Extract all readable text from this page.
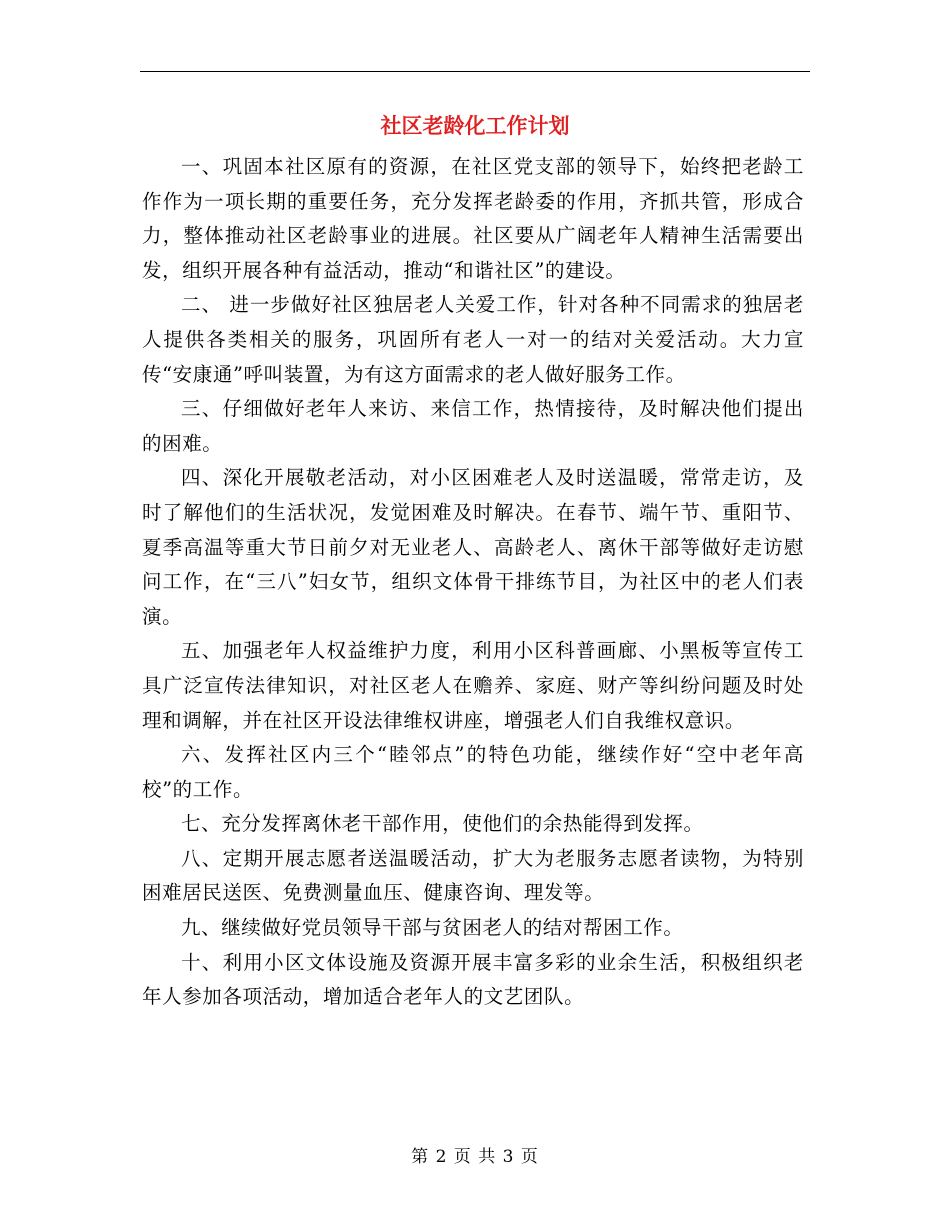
社区老龄化工作计划

一、巩固本社区原有的资源，在社区党支部的领导下，始终把老龄工作作为一项长期的重要任务，充分发挥老龄委的作用，齐抓共管，形成合力，整体推动社区老龄事业的进展。社区要从广阔老年人精神生活需要出发，组织开展各种有益活动，推动“和谐社区”的建设。

二、 进一步做好社区独居老人关爱工作，针对各种不同需求的独居老人提供各类相关的服务，巩固所有老人一对一的结对关爱活动。大力宣传“安康通”呼叫装置，为有这方面需求的老人做好服务工作。

三、仔细做好老年人来访、来信工作，热情接待，及时解决他们提出的困难。

四、深化开展敬老活动，对小区困难老人及时送温暖，常常走访，及时了解他们的生活状况，发觉困难及时解决。在春节、端午节、重阳节、夏季高温等重大节日前夕对无业老人、高龄老人、离休干部等做好走访慰问工作，在“三八”妇女节，组织文体骨干排练节目，为社区中的老人们表演。

五、加强老年人权益维护力度，利用小区科普画廊、小黑板等宣传工具广泛宣传法律知识，对社区老人在赡养、家庭、财产等纠纷问题及时处理和调解，并在社区开设法律维权讲座，增强老人们自我维权意识。

六、发挥社区内三个“睦邻点”的特色功能，继续作好“空中老年高校”的工作。

七、充分发挥离休老干部作用，使他们的余热能得到发挥。

八、定期开展志愿者送温暖活动，扩大为老服务志愿者读物，为特别困难居民送医、免费测量血压、健康咨询、理发等。

九、继续做好党员领导干部与贫困老人的结对帮困工作。

十、利用小区文体设施及资源开展丰富多彩的业余生活，积极组织老年人参加各项活动，增加适合老年人的文艺团队。

第 2 页 共 3 页
